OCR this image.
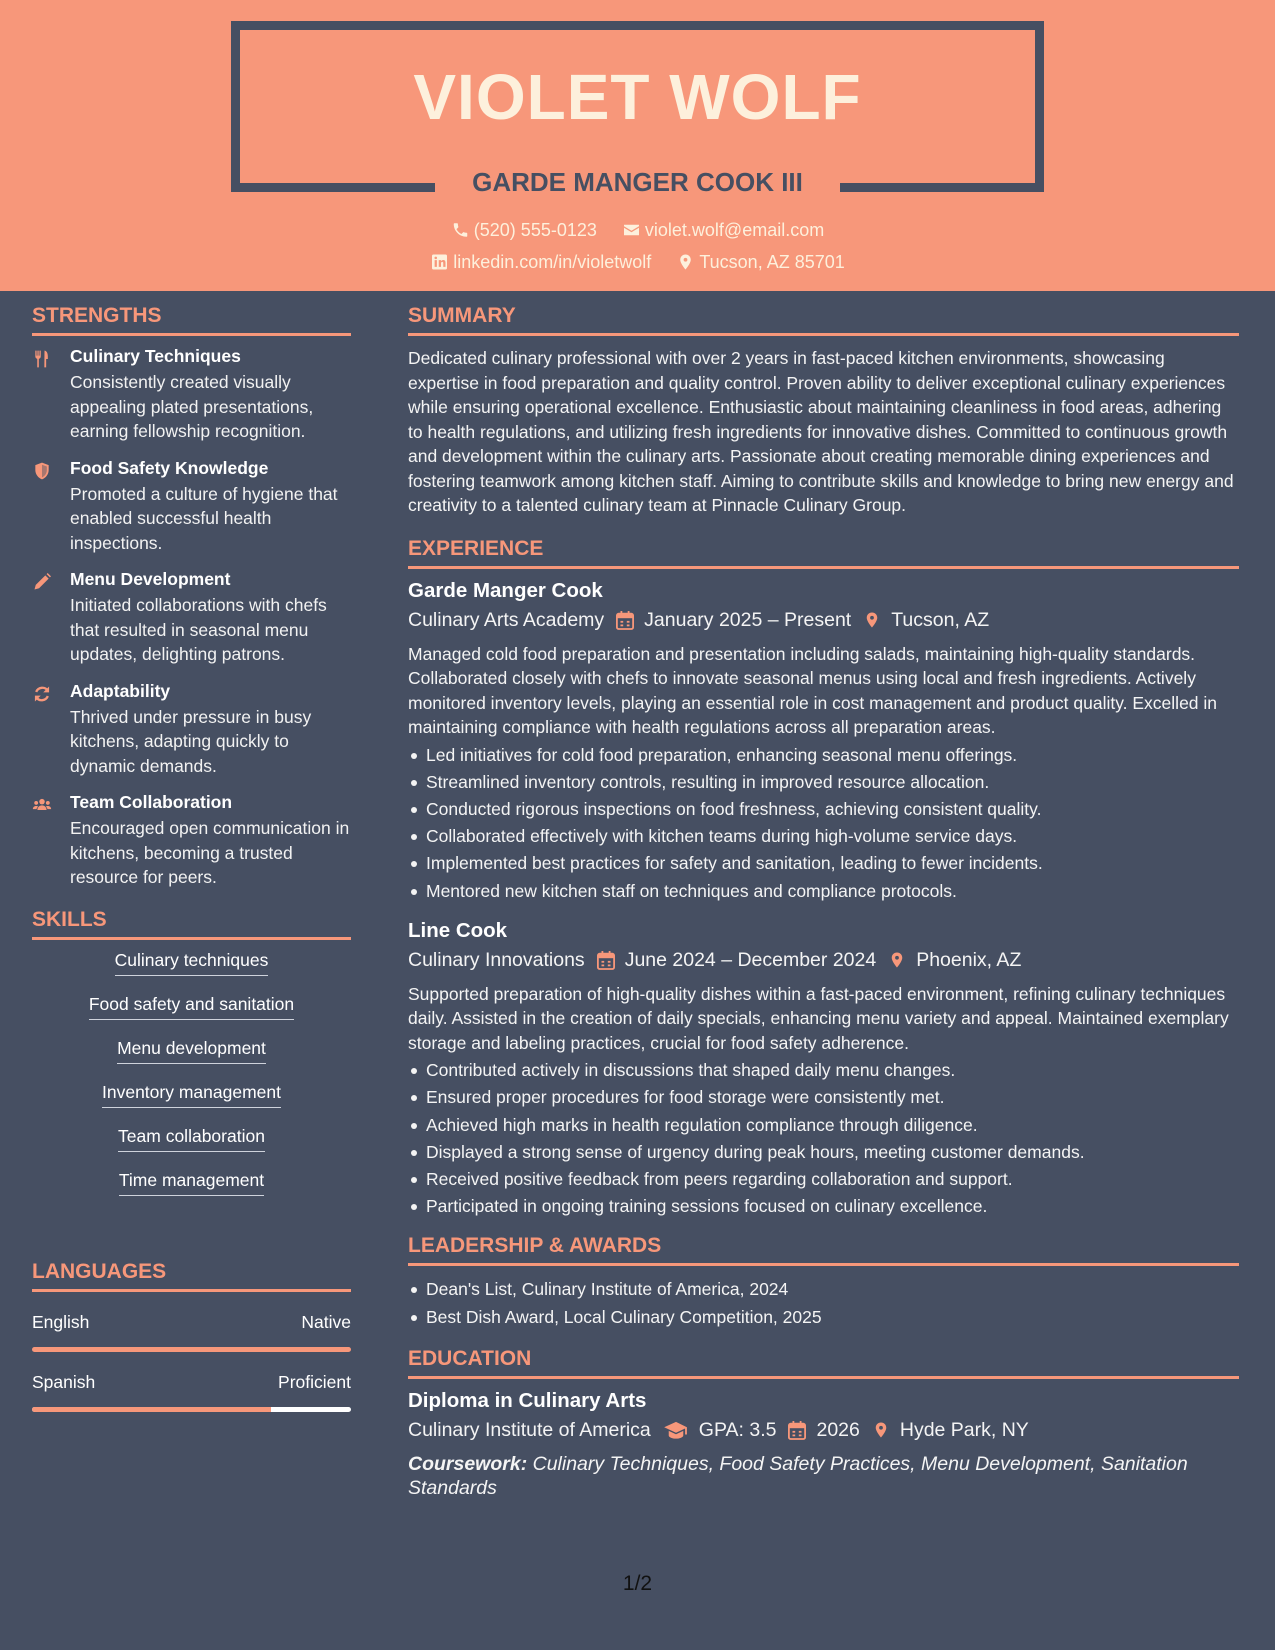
VIOLET WOLF
GARDE MANGER COOK III
(520) 555-0123	violet.wolf@email.com
linkedin.com/in/violetwolf	Tucson, AZ 85701
STRENGTHS
Culinary Techniques
Consistently created visually appealing plated presentations, earning fellowship recognition.
Food Safety Knowledge
Promoted a culture of hygiene that enabled successful health inspections.
Menu Development
Initiated collaborations with chefs that resulted in seasonal menu updates, delighting patrons.
Adaptability
Thrived under pressure in busy kitchens, adapting quickly to dynamic demands.
Team Collaboration
Encouraged open communication in kitchens, becoming a trusted resource for peers.
SKILLS
Culinary techniques
Food safety and sanitation
Menu development
Inventory management
Team collaboration
Time management
LANGUAGES
English	Native
Spanish	Proficient
SUMMARY

Dedicated culinary professional with over 2 years in fast-paced kitchen environments, showcasing expertise in food preparation and quality control. Proven ability to deliver exceptional culinary experiences while ensuring operational excellence. Enthusiastic about maintaining cleanliness in food areas, adhering to health regulations, and utilizing fresh ingredients for innovative dishes. Committed to continuous growth and development within the culinary arts. Passionate about creating memorable dining experiences and fostering teamwork among kitchen staff. Aiming to contribute skills and knowledge to bring new energy and creativity to a talented culinary team at Pinnacle Culinary Group.

EXPERIENCE
Garde Manger Cook
Culinary Arts Academy January 2025 – Present Tucson, AZ

Managed cold food preparation and presentation including salads, maintaining high-quality standards. Collaborated closely with chefs to innovate seasonal menus using local and fresh ingredients. Actively monitored inventory levels, playing an essential role in cost management and product quality. Excelled in maintaining compliance with health regulations across all preparation areas.

Led initiatives for cold food preparation, enhancing seasonal menu offerings.
Streamlined inventory controls, resulting in improved resource allocation.
Conducted rigorous inspections on food freshness, achieving consistent quality.
Collaborated effectively with kitchen teams during high-volume service days.
Implemented best practices for safety and sanitation, leading to fewer incidents.
Mentored new kitchen staff on techniques and compliance protocols.
Line Cook
Culinary Innovations June 2024 – December 2024 Phoenix, AZ

Supported preparation of high-quality dishes within a fast-paced environment, refining culinary techniques daily. Assisted in the creation of daily specials, enhancing menu variety and appeal. Maintained exemplary storage and labeling practices, crucial for food safety adherence.

Contributed actively in discussions that shaped daily menu changes.
Ensured proper procedures for food storage were consistently met.
Achieved high marks in health regulation compliance through diligence.
Displayed a strong sense of urgency during peak hours, meeting customer demands.
Received positive feedback from peers regarding collaboration and support.
Participated in ongoing training sessions focused on culinary excellence.
LEADERSHIP & AWARDS
Dean's List, Culinary Institute of America, 2024
Best Dish Award, Local Culinary Competition, 2025
EDUCATION
Diploma in Culinary Arts
Culinary Institute of America GPA: 3.5 2026 Hyde Park, NY

Coursework: Culinary Techniques, Food Safety Practices, Menu Development, Sanitation Standards

1/2
